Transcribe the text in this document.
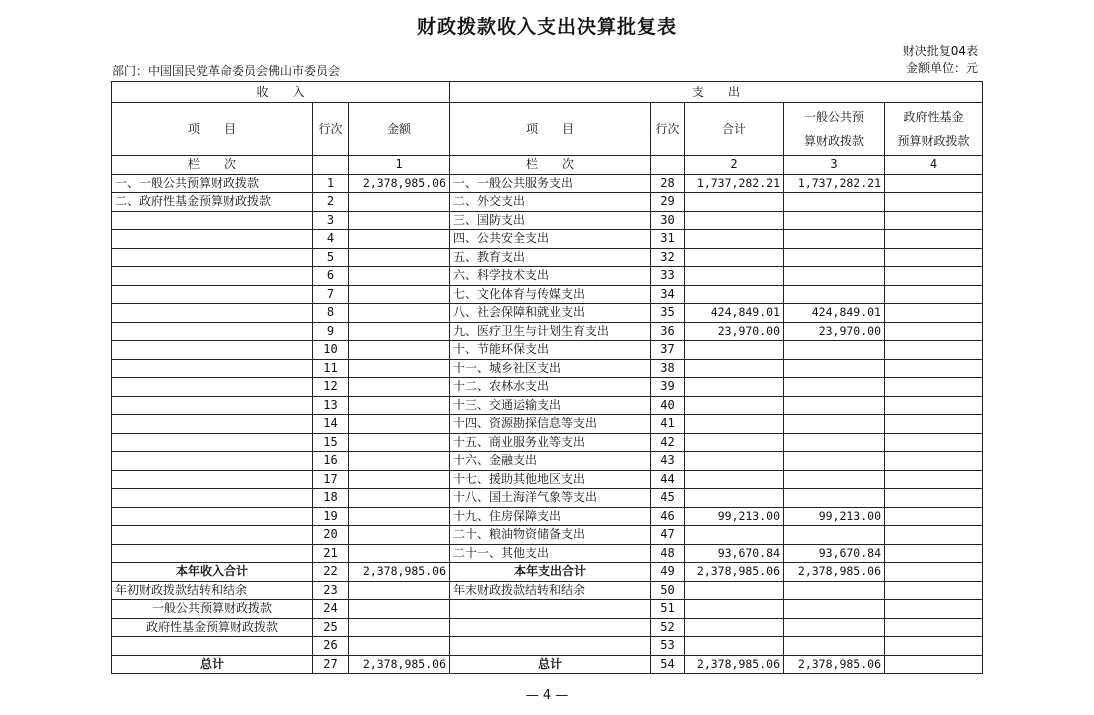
财政拨款收入支出决算批复表
财决批复04表
部门：中国国民党革命委员会佛山市委员会	金额单位：元
收　　入			支　　出				
项　　目	行次	金额	项　　目	行次	合计	一般公共预
算财政拨款	政府性基金
预算财政拨款

栏　　次		1	栏　　次		2	3	4
一、一般公共预算财政拨款	1	2,378,985.06	一、一般公共服务支出	28	1,737,282.21	1,737,282.21	
二、政府性基金预算财政拨款	2		二、外交支出	29			
	3		三、国防支出	30			
	4		四、公共安全支出	31			
	5		五、教育支出	32			
	6		六、科学技术支出	33			
	7		七、文化体育与传媒支出	34			
	8		八、社会保障和就业支出	35	424,849.01	424,849.01	
	9		九、医疗卫生与计划生育支出	36	23,970.00	23,970.00	
	10		十、节能环保支出	37			
	11		十一、城乡社区支出	38			
	12		十二、农林水支出	39			
	13		十三、交通运输支出	40			
	14		十四、资源勘探信息等支出	41			
	15		十五、商业服务业等支出	42			
	16		十六、金融支出	43			
	17		十七、援助其他地区支出	44			
	18		十八、国土海洋气象等支出	45			
	19		十九、住房保障支出	46	99,213.00	99,213.00	
	20		二十、粮油物资储备支出	47			
	21		二十一、其他支出	48	93,670.84	93,670.84	
本年收入合计	22	2,378,985.06	本年支出合计	49	2,378,985.06	2,378,985.06	
年初财政拨款结转和结余	23		年末财政拨款结转和结余	50			
一般公共预算财政拨款	24			51			
政府性基金预算财政拨款	25			52			
	26			53			
总计	27	2,378,985.06	总计	54	2,378,985.06	2,378,985.06	
— 4 —
